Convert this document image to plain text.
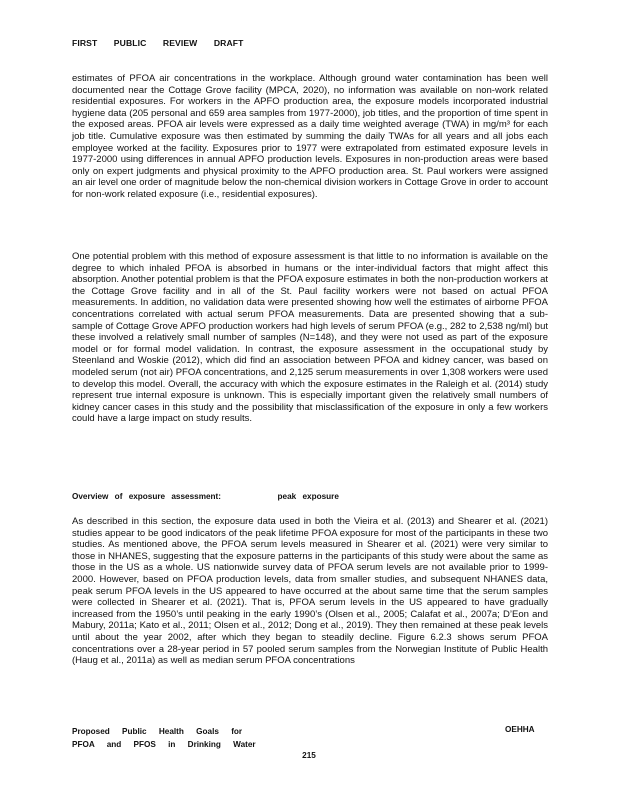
FIRST PUBLIC REVIEW DRAFT
estimates of PFOA air concentrations in the workplace. Although ground water contamination has been well documented near the Cottage Grove facility (MPCA, 2020), no information was available on non-work related residential exposures. For workers in the APFO production area, the exposure models incorporated industrial hygiene data (205 personal and 659 area samples from 1977-2000), job titles, and the proportion of time spent in the exposed areas. PFOA air levels were expressed as a daily time weighted average (TWA) in mg/m³ for each job title. Cumulative exposure was then estimated by summing the daily TWAs for all years and all jobs each employee worked at the facility. Exposures prior to 1977 were extrapolated from estimated exposure levels in 1977-2000 using differences in annual APFO production levels. Exposures in non-production areas were based only on expert judgments and physical proximity to the APFO production area. St. Paul workers were assigned an air level one order of magnitude below the non-chemical division workers in Cottage Grove in order to account for non-work related exposure (i.e., residential exposures).
One potential problem with this method of exposure assessment is that little to no information is available on the degree to which inhaled PFOA is absorbed in humans or the inter-individual factors that might affect this absorption. Another potential problem is that the PFOA exposure estimates in both the non-production workers at the Cottage Grove facility and in all of the St. Paul facility workers were not based on actual PFOA measurements. In addition, no validation data were presented showing how well the estimates of airborne PFOA concentrations correlated with actual serum PFOA measurements. Data are presented showing that a sub-sample of Cottage Grove APFO production workers had high levels of serum PFOA (e.g., 282 to 2,538 ng/ml) but these involved a relatively small number of samples (N=148), and they were not used as part of the exposure model or for formal model validation. In contrast, the exposure assessment in the occupational study by Steenland and Woskie (2012), which did find an association between PFOA and kidney cancer, was based on modeled serum (not air) PFOA concentrations, and 2,125 serum measurements in over 1,308 workers were used to develop this model. Overall, the accuracy with which the exposure estimates in the Raleigh et al. (2014) study represent true internal exposure is unknown. This is especially important given the relatively small numbers of kidney cancer cases in this study and the possibility that misclassification of the exposure in only a few workers could have a large impact on study results.
Overview of exposure assessment:	peak exposure
As described in this section, the exposure data used in both the Vieira et al. (2013) and Shearer et al. (2021) studies appear to be good indicators of the peak lifetime PFOA exposure for most of the participants in these two studies. As mentioned above, the PFOA serum levels measured in Shearer et al. (2021) were very similar to those in NHANES, suggesting that the exposure patterns in the participants of this study were about the same as those in the US as a whole. US nationwide survey data of PFOA serum levels are not available prior to 1999-2000. However, based on PFOA production levels, data from smaller studies, and subsequent NHANES data, peak serum PFOA levels in the US appeared to have occurred at the about same time that the serum samples were collected in Shearer et al. (2021). That is, PFOA serum levels in the US appeared to have gradually increased from the 1950’s until peaking in the early 1990’s (Olsen et al., 2005; Calafat et al., 2007a; D’Eon and Mabury, 2011a; Kato et al., 2011; Olsen et al., 2012; Dong et al., 2019). They then remained at these peak levels until about the year 2002, after which they began to steadily decline. Figure 6.2.3 shows serum PFOA concentrations over a 28-year period in 57 pooled serum samples from the Norwegian Institute of Public Health (Haug et al., 2011a) as well as median serum PFOA concentrations
Proposed Public Health Goals for
PFOA and PFOS in Drinking Water
OEHHA
215
